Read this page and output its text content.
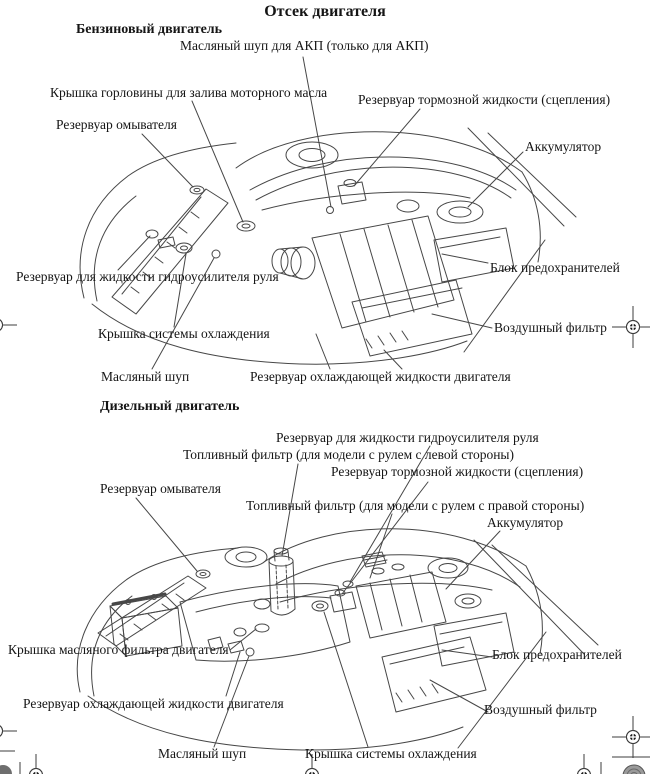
Отсек двигателя
Бензиновый двигатель
Масляный шуп для АКП (только для АКП)
Крышка горловины для залива моторного масла Резервуар тормозной жидкости (сцепления)
Резервуар омывателя
Аккумулятор
Резервуар для жидкости гидроусилителя руля
Блок предохранителей
Крышка системы охлаждения	Воздушный фильтр
Масляный шуп	Резервуар охлаждающей жидкости двигателя
Дизельный двигатель
Резервуар для жидкости гидроусилителя руля
Топливный фильтр (для модели с рулем с левой стороны)
Резервуар тормозной жидкости (сцепления)
Резервуар омывателя
Топливный фильтр (для модели с рулем с правой стороны)
Аккумулятор
Крышка масляного фильтра двигателя	Блок предохранителей
Резервуар охлаждающей жидкости двигателя	Воздушный фильтр
Масляный шуп	Крышка системы охлаждения
